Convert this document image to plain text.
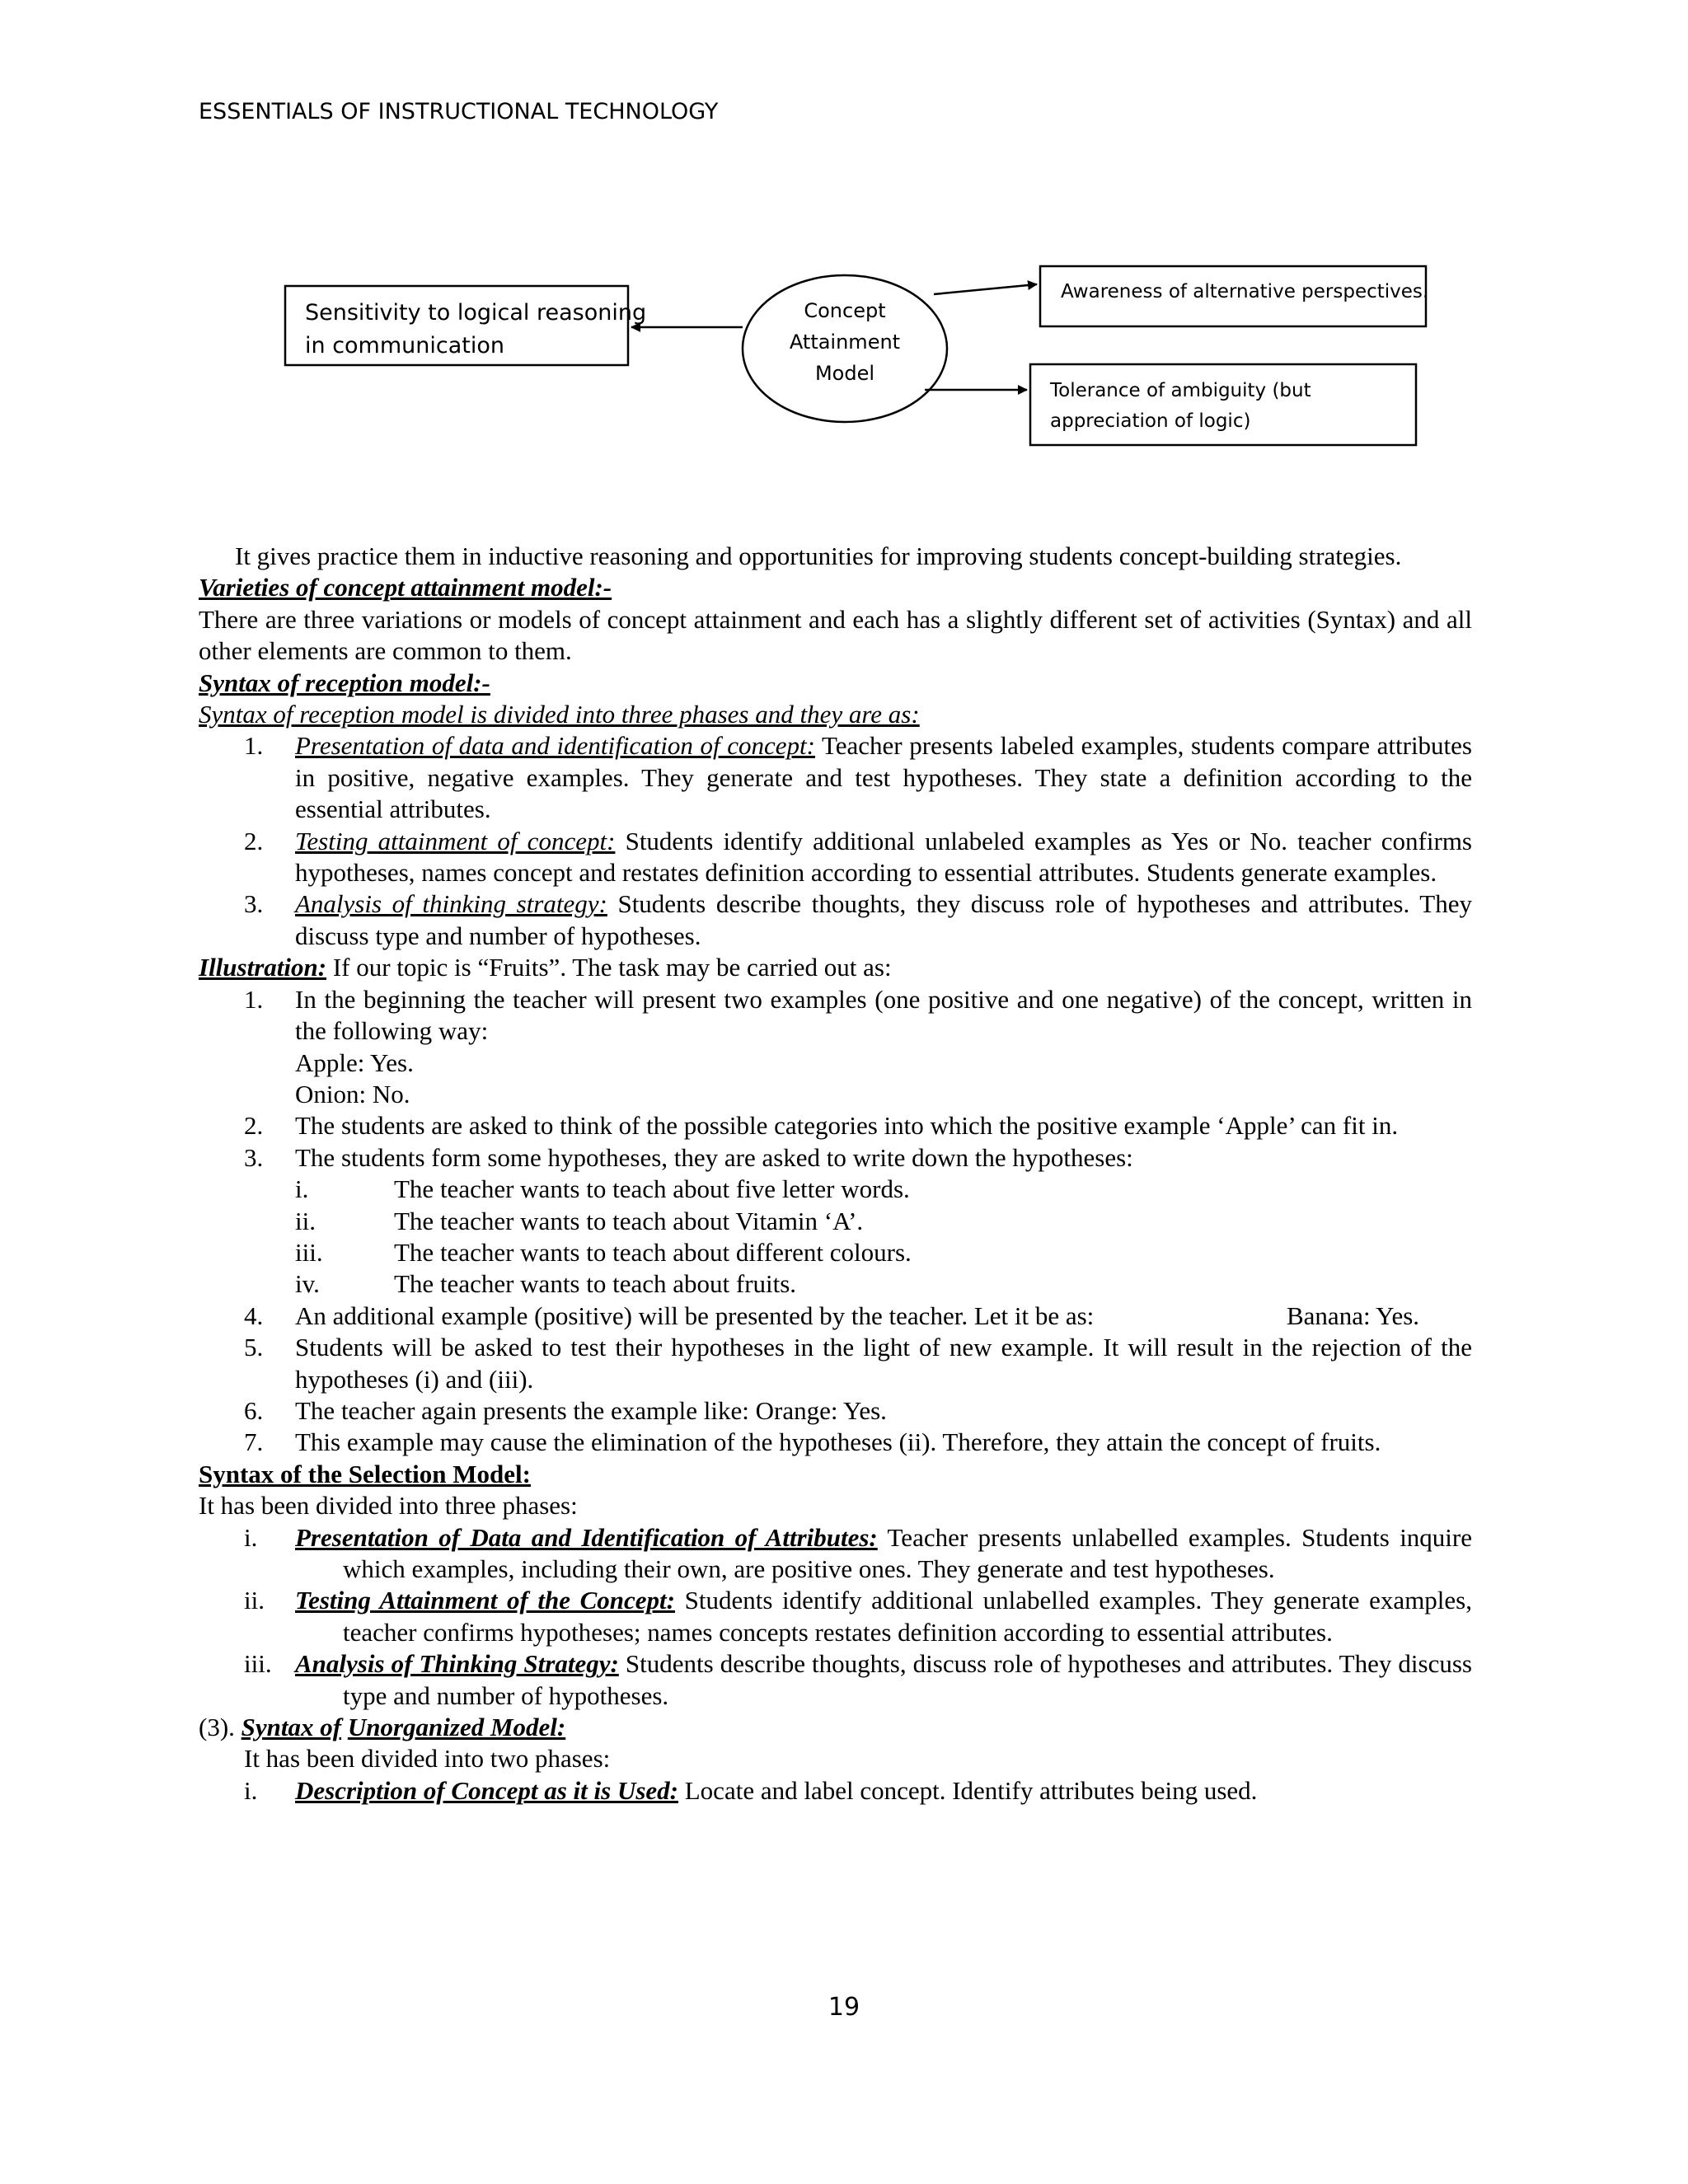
ESSENTIALS OF INSTRUCTIONAL TECHNOLOGY
Concept
Attainment
Model
Sensitivity to logical reasoning
in communication
Awareness of alternative perspectives.
Tolerance of ambiguity (but
appreciation of logic)
It gives practice them in inductive reasoning and opportunities for improving students concept-building strategies.
Varieties of concept attainment model:-
There are three variations or models of concept attainment and each has a slightly different set of activities (Syntax) and all other elements are common to them.
Syntax of reception model:-
Syntax of reception model is divided into three phases and they are as:
1. Presentation of data and identification of concept: Teacher presents labeled examples, students compare attributes in positive, negative examples. They generate and test hypotheses. They state a definition according to the essential attributes.
2. Testing attainment of concept: Students identify additional unlabeled examples as Yes or No. teacher confirms hypotheses, names concept and restates definition according to essential attributes. Students generate examples.
3. Analysis of thinking strategy: Students describe thoughts, they discuss role of hypotheses and attributes. They discuss type and number of hypotheses.
Illustration: If our topic is “Fruits”. The task may be carried out as:
1. In the beginning the teacher will present two examples (one positive and one negative) of the concept, written in the following way:
Apple: Yes.
Onion: No.
2. The students are asked to think of the possible categories into which the positive example ‘Apple’ can fit in.
3. The students form some hypotheses, they are asked to write down the hypotheses:
i.	The teacher wants to teach about five letter words.
ii.	The teacher wants to teach about Vitamin ‘A’.
iii.	The teacher wants to teach about different colours.
iv.	The teacher wants to teach about fruits.
4. An additional example (positive) will be presented by the teacher. Let it be as:	Banana: Yes.
5. Students will be asked to test their hypotheses in the light of new example. It will result in the rejection of the hypotheses (i) and (iii).
6. The teacher again presents the example like: Orange: Yes.
7. This example may cause the elimination of the hypotheses (ii). Therefore, they attain the concept of fruits.
Syntax of the Selection Model:
It has been divided into three phases:
i. Presentation of Data and Identification of Attributes: Teacher presents unlabelled examples. Students inquire which examples, including their own, are positive ones. They generate and test hypotheses.
ii. Testing Attainment of the Concept: Students identify additional unlabelled examples. They generate examples, teacher confirms hypotheses; names concepts restates definition according to essential attributes.
iii. Analysis of Thinking Strategy: Students describe thoughts, discuss role of hypotheses and attributes. They discuss type and number of hypotheses.
(3). Syntax of Unorganized Model:
It has been divided into two phases:
i. Description of Concept as it is Used: Locate and label concept. Identify attributes being used.
19
